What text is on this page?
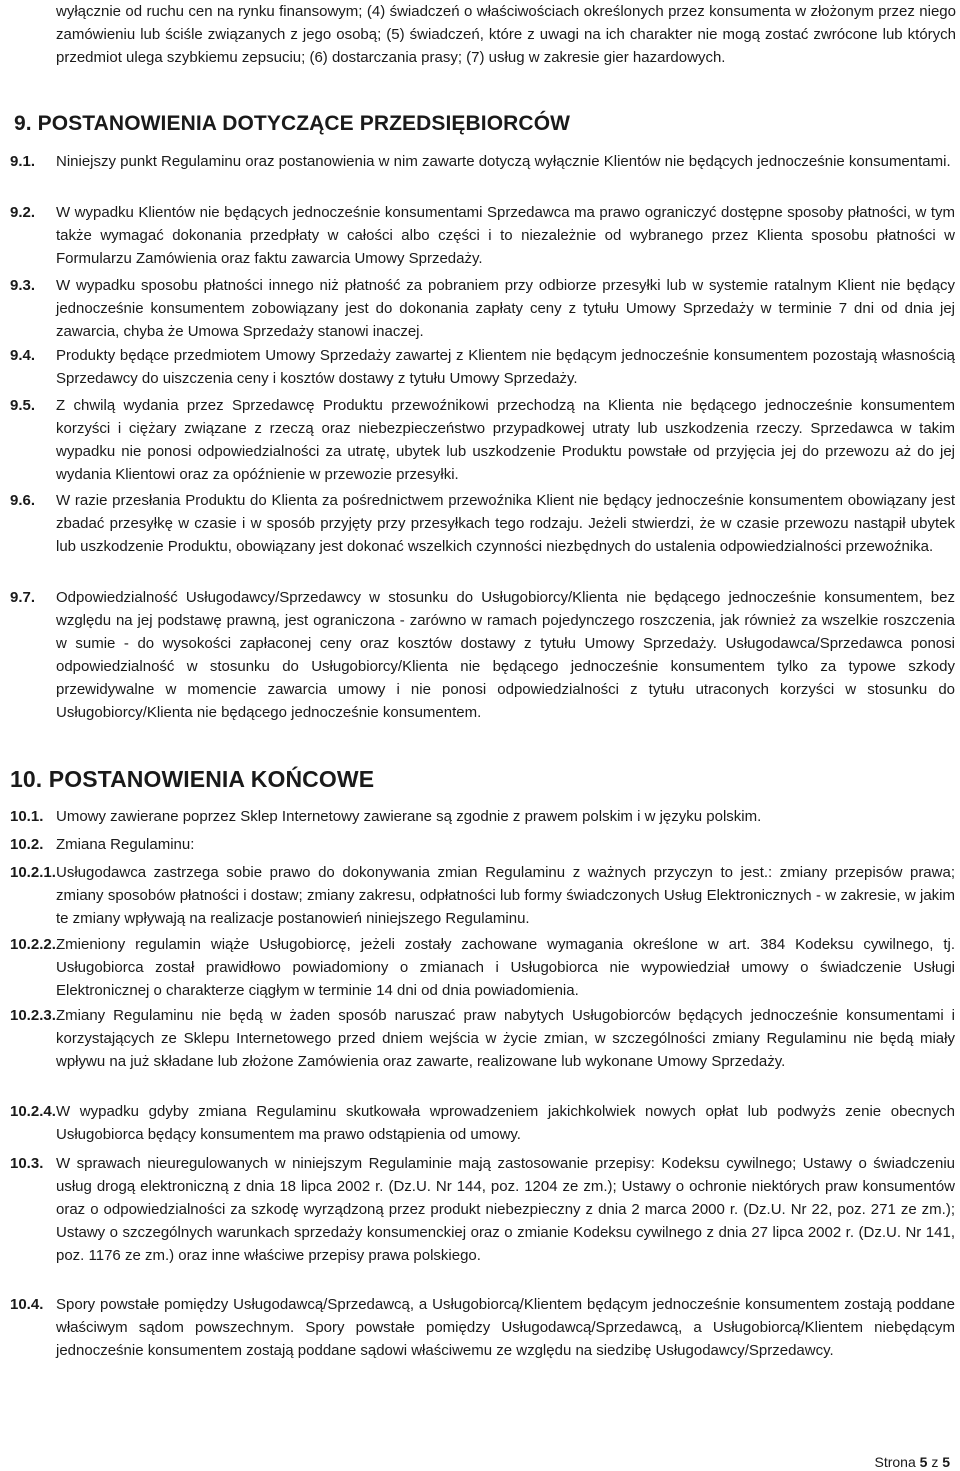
wyłącznie od ruchu cen na rynku finansowym; (4) świadczeń o właściwościach określonych przez konsumenta w złożonym przez niego zamówieniu lub ściśle związanych z jego osobą; (5) świadczeń, które z uwagi na ich charakter nie mogą zostać zwrócone lub których przedmiot ulega szybkiemu zepsuciu; (6) dostarczania prasy; (7) usług w zakresie gier hazardowych.

9. POSTANOWIENIA DOTYCZĄCE PRZEDSIĘBIORCÓW
9.1. Niniejszy punkt Regulaminu oraz postanowienia w nim zawarte dotyczą wyłącznie Klientów nie będących jednocześnie konsumentami.

9.2. W wypadku Klientów nie będących jednocześnie konsumentami Sprzedawca ma prawo ograniczyć dostępne sposoby płatności, w tym także wymagać dokonania przedpłaty w całości albo części i to niezależnie od wybranego przez Klienta sposobu płatności w Formularzu Zamówienia oraz faktu zawarcia Umowy Sprzedaży.

9.3. W wypadku sposobu płatności innego niż płatność za pobraniem przy odbiorze przesyłki lub w systemie ratalnym Klient nie będący jednocześnie konsumentem zobowiązany jest do dokonania zapłaty ceny z tytułu Umowy Sprzedaży w terminie 7 dni od dnia jej zawarcia, chyba że Umowa Sprzedaży stanowi inaczej.

9.4. Produkty będące przedmiotem Umowy Sprzedaży zawartej z Klientem nie będącym jednocześnie konsumentem pozostają własnością Sprzedawcy do uiszczenia ceny i kosztów dostawy z tytułu Umowy Sprzedaży.

9.5. Z chwilą wydania przez Sprzedawcę Produktu przewoźnikowi przechodzą na Klienta nie będącego jednocześnie konsumentem korzyści i ciężary związane z rzeczą oraz niebezpieczeństwo przypadkowej utraty lub uszkodzenia rzeczy. Sprzedawca w takim wypadku nie ponosi odpowiedzialności za utratę, ubytek lub uszkodzenie Produktu powstałe od przyjęcia jej do przewozu aż do jej wydania Klientowi oraz za opóźnienie w przewozie przesyłki.

9.6. W razie przesłania Produktu do Klienta za pośrednictwem przewoźnika Klient nie będący jednocześnie konsumentem obowiązany jest zbadać przesyłkę w czasie i w sposób przyjęty przy przesyłkach tego rodzaju. Jeżeli stwierdzi, że w czasie przewozu nastąpił ubytek lub uszkodzenie Produktu, obowiązany jest dokonać wszelkich czynności niezbędnych do ustalenia odpowiedzialności przewoźnika.

9.7. Odpowiedzialność Usługodawcy/Sprzedawcy w stosunku do Usługobiorcy/Klienta nie będącego jednocześnie konsumentem, bez względu na jej podstawę prawną, jest ograniczona - zarówno w ramach pojedynczego roszczenia, jak również za wszelkie roszczenia w sumie - do wysokości zapłaconej ceny oraz kosztów dostawy z tytułu Umowy Sprzedaży. Usługodawca/Sprzedawca ponosi odpowiedzialność w stosunku do Usługobiorcy/Klienta nie będącego jednocześnie konsumentem tylko za typowe szkody przewidywalne w momencie zawarcia umowy i nie ponosi odpowiedzialności z tytułu utraconych korzyści w stosunku do Usługobiorcy/Klienta nie będącego jednocześnie konsumentem.

10. POSTANOWIENIA KOŃCOWE
10.1. Umowy zawierane poprzez Sklep Internetowy zawierane są zgodnie z prawem polskim i w języku polskim.

10.2. Zmiana Regulaminu:

10.2.1. Usługodawca zastrzega sobie prawo do dokonywania zmian Regulaminu z ważnych przyczyn to jest.: zmiany przepisów prawa; zmiany sposobów płatności i dostaw; zmiany zakresu, odpłatności lub formy świadczonych Usług Elektronicznych - w zakresie, w jakim te zmiany wpływają na realizacje postanowień niniejszego Regulaminu.

10.2.2. Zmieniony regulamin wiąże Usługobiorcę, jeżeli zostały zachowane wymagania określone w art. 384 Kodeksu cywilnego, tj. Usługobiorca został prawidłowo powiadomiony o zmianach i Usługobiorca nie wypowiedział umowy o świadczenie Usługi Elektronicznej o charakterze ciągłym w terminie 14 dni od dnia powiadomienia.

10.2.3. Zmiany Regulaminu nie będą w żaden sposób naruszać praw nabytych Usługobiorców będących jednocześnie konsumentami i korzystających ze Sklepu Internetowego przed dniem wejścia w życie zmian, w szczególności zmiany Regulaminu nie będą miały wpływu na już składane lub złożone Zamówienia oraz zawarte, realizowane lub wykonane Umowy Sprzedaży.

10.2.4. W wypadku gdyby zmiana Regulaminu skutkowała wprowadzeniem jakichkolwiek nowych opłat lub podwyżs zenie obecnych Usługobiorca będący konsumentem ma prawo odstąpienia od umowy.

10.3. W sprawach nieuregulowanych w niniejszym Regulaminie mają zastosowanie przepisy: Kodeksu cywilnego; Ustawy o świadczeniu usług drogą elektroniczną z dnia 18 lipca 2002 r. (Dz.U. Nr 144, poz. 1204 ze zm.); Ustawy o ochronie niektórych praw konsumentów oraz o odpowiedzialności za szkodę wyrządzoną przez produkt niebezpieczny z dnia 2 marca 2000 r. (Dz.U. Nr 22, poz. 271 ze zm.); Ustawy o szczególnych warunkach sprzedaży konsumenckiej oraz o zmianie Kodeksu cywilnego z dnia 27 lipca 2002 r. (Dz.U. Nr 141, poz. 1176 ze zm.) oraz inne właściwe przepisy prawa polskiego.

10.4. Spory powstałe pomiędzy Usługodawcą/Sprzedawcą, a Usługobiorcą/Klientem będącym jednocześnie konsumentem zostają poddane właściwym sądom powszechnym. Spory powstałe pomiędzy Usługodawcą/Sprzedawcą, a Usługobiorcą/Klientem niebędącym jednocześnie konsumentem zostają poddane sądowi właściwemu ze względu na siedzibę Usługodawcy/Sprzedawcy.

Strona 5 z 5
